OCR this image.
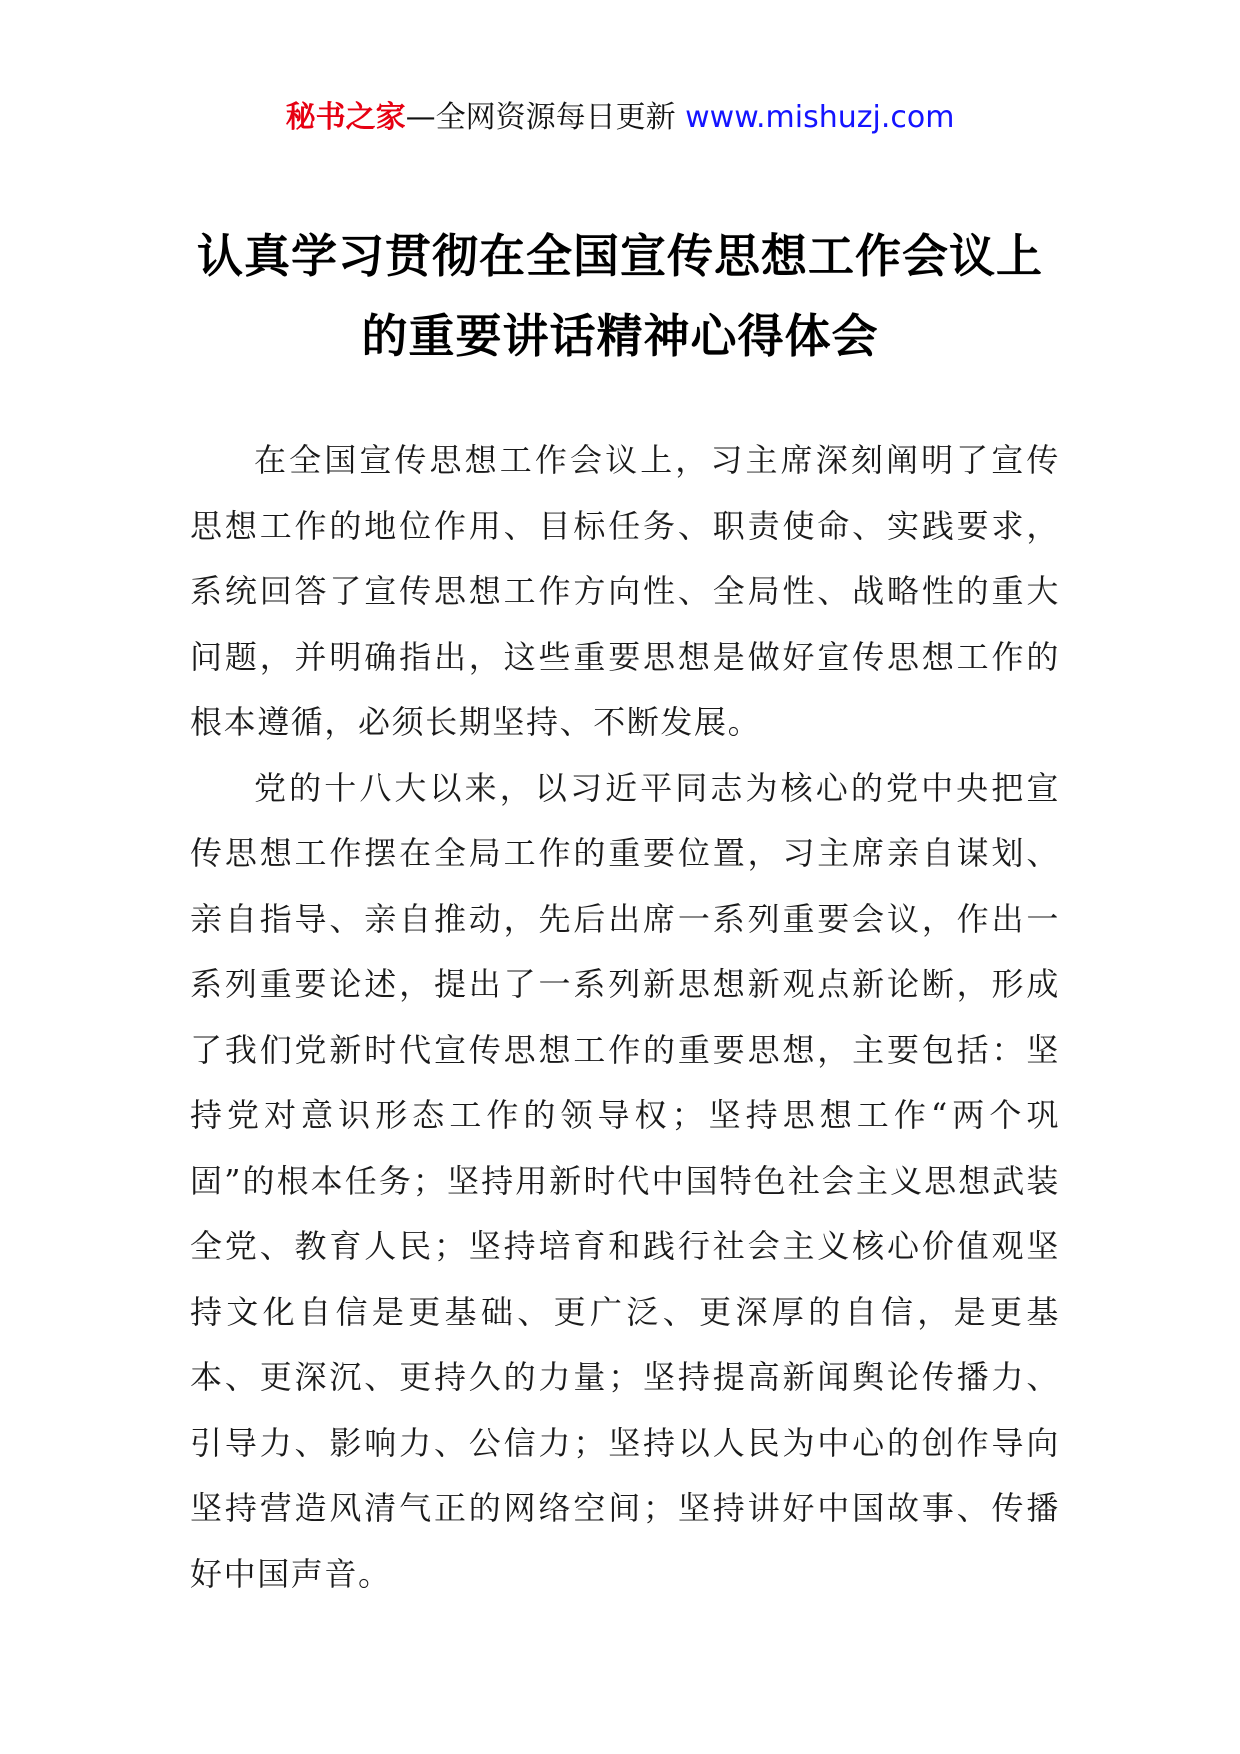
秘书之家—全网资源每日更新 www.mishuzj.com
认真学习贯彻在全国宣传思想工作会议上
的重要讲话精神心得体会

在全国宣传思想工作会议上，习主席深刻阐明了宣传思想工作的地位作用、目标任务、职责使命、实践要求，系统回答了宣传思想工作方向性、全局性、战略性的重大问题，并明确指出，这些重要思想是做好宣传思想工作的根本遵循，必须长期坚持、不断发展。

党的十八大以来，以习近平同志为核心的党中央把宣传思想工作摆在全局工作的重要位置，习主席亲自谋划、亲自指导、亲自推动，先后出席一系列重要会议，作出一系列重要论述，提出了一系列新思想新观点新论断，形成了我们党新时代宣传思想工作的重要思想，主要包括：坚持党对意识形态工作的领导权；坚持思想工作“两个巩固”的根本任务；坚持用新时代中国特色社会主义思想武装全党、教育人民；坚持培育和践行社会主义核心价值观坚持文化自信是更基础、更广泛、更深厚的自信，是更基本、更深沉、更持久的力量；坚持提高新闻舆论传播力、引导力、影响力、公信力；坚持以人民为中心的创作导向坚持营造风清气正的网络空间；坚持讲好中国故事、传播好中国声音。
